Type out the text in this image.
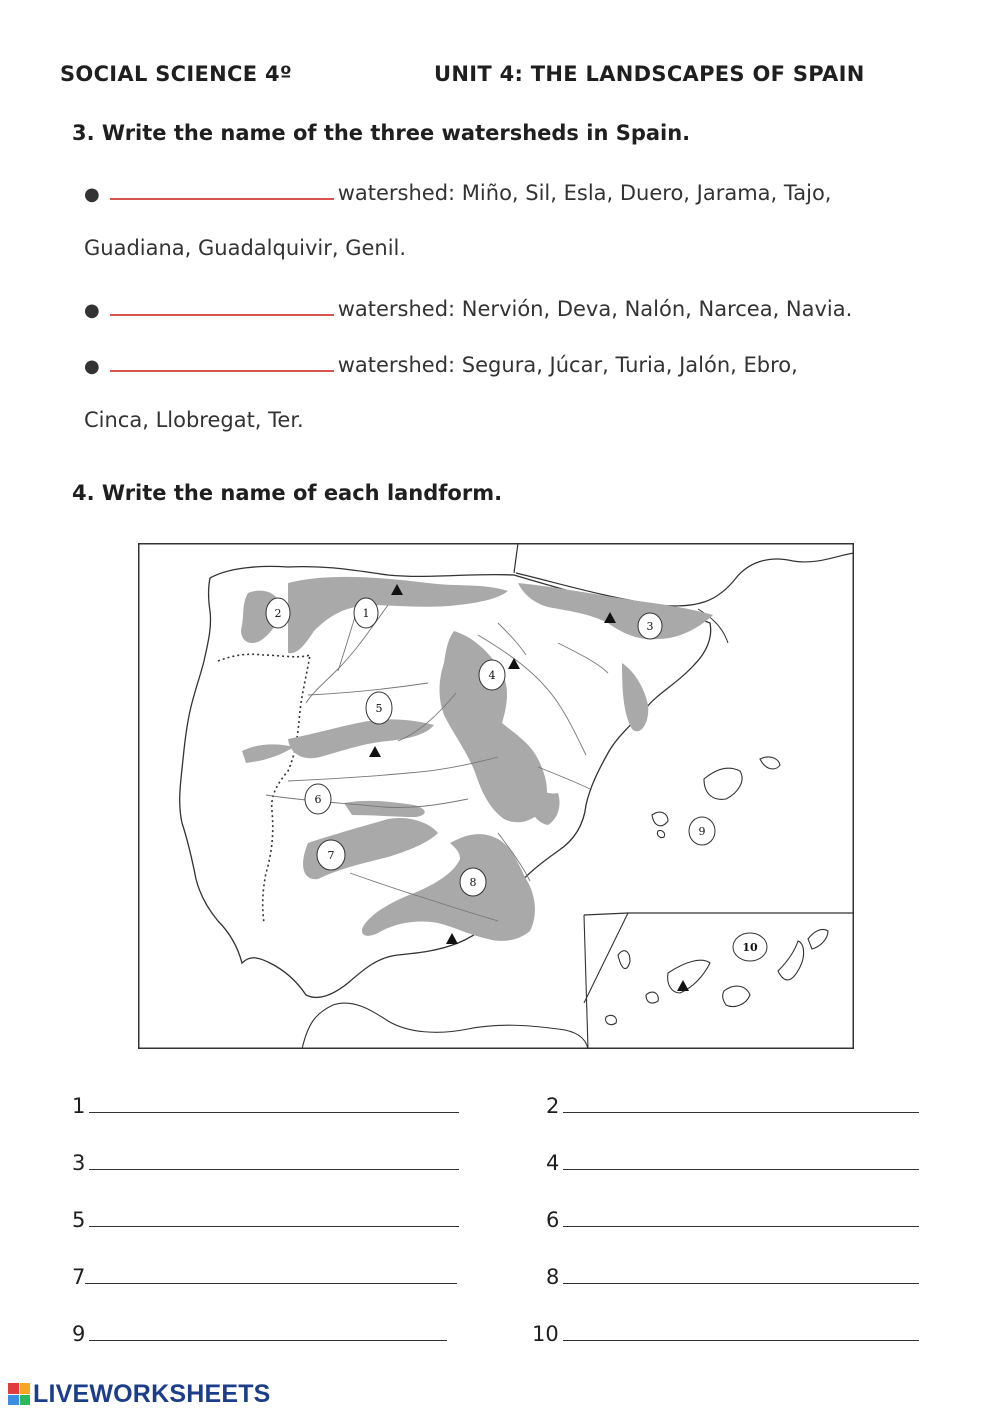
SOCIAL SCIENCE 4º	UNIT 4: THE LANDSCAPES OF SPAIN
3. Write the name of the three watersheds in Spain.
●	watershed: Miño, Sil, Esla, Duero, Jarama, Tajo,
Guadiana, Guadalquivir, Genil.
●	watershed: Nervión, Deva, Nalón, Narcea, Navia.
●	watershed: Segura, Júcar, Turia, Jalón, Ebro,
Cinca, Llobregat, Ter.
4. Write the name of each landform.
1
2
3
4
5
6
7
8
9
10
1	2
3	4
5	6
7	8
9	10
LIVEWORKSHEETS
